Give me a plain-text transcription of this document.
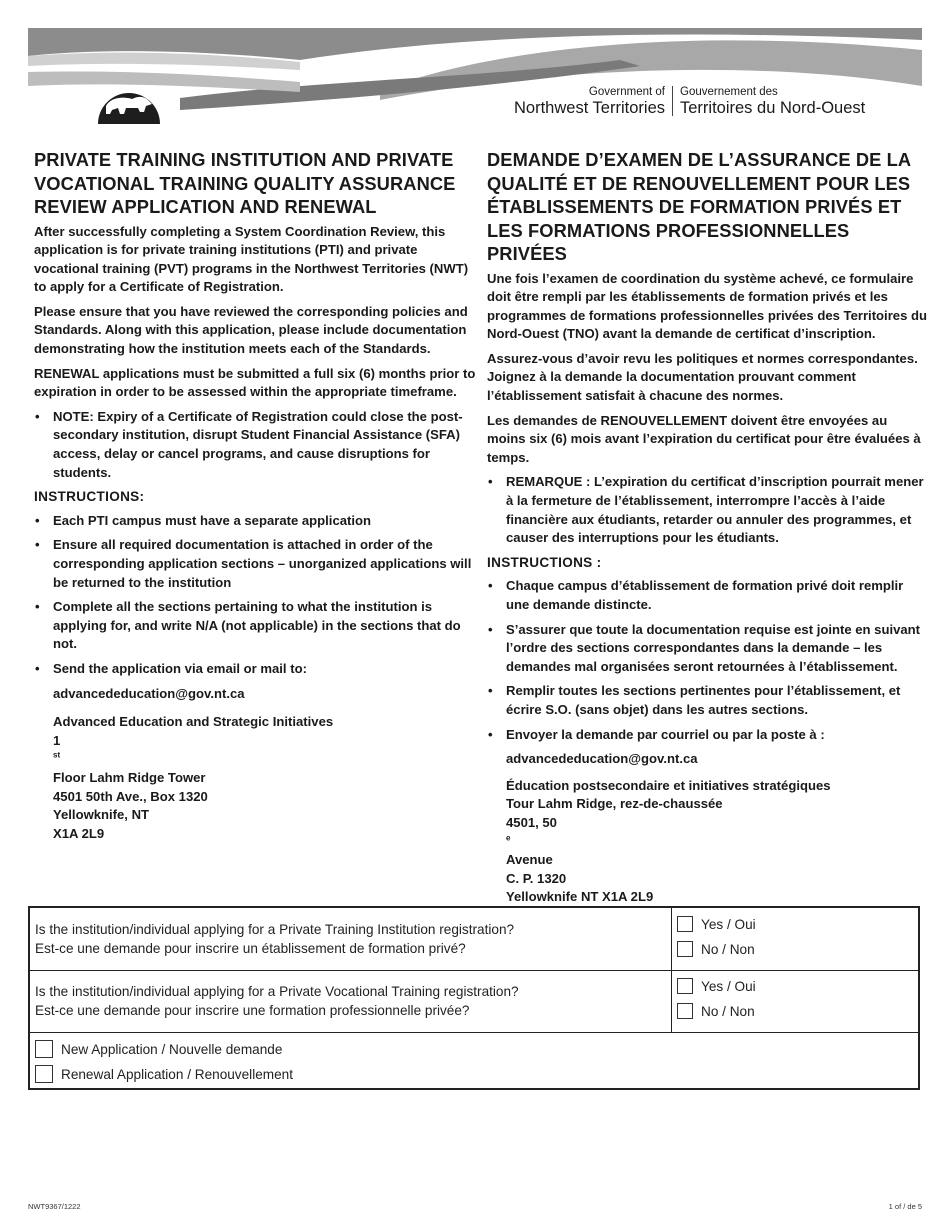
Government of
Northwest Territories
Gouvernement des
Territoires du Nord-Ouest
PRIVATE TRAINING INSTITUTION AND PRIVATE VOCATIONAL TRAINING QUALITY ASSURANCE REVIEW APPLICATION AND RENEWAL

After successfully completing a System Coordination Review, this application is for private training institutions (PTI) and private vocational training (PVT) programs in the Northwest Territories (NWT) to apply for a Certificate of Registration.

Please ensure that you have reviewed the corresponding policies and Standards. Along with this application, please include documentation demonstrating how the institution meets each of the Standards.

RENEWAL applications must be submitted a full six (6) months prior to expiration in order to be assessed within the appropriate timeframe.

• NOTE: Expiry of a Certificate of Registration could close the post-secondary institution, disrupt Student Financial Assistance (SFA) access, delay or cancel programs, and cause disruptions for students.
INSTRUCTIONS:
• Each PTI campus must have a separate application
• Ensure all required documentation is attached in order of the corresponding application sections – unorganized applications will be returned to the institution
• Complete all the sections pertaining to what the institution is applying for, and write N/A (not applicable) in the sections that do not.
• Send the application via email or mail to:
advancededucation@gov.nt.ca
Advanced Education and Strategic Initiatives
1
$^{st}$
Floor Lahm Ridge Tower
4501 50th Ave., Box 1320
Yellowknife, NT
X1A 2L9
DEMANDE D’EXAMEN DE L’ASSURANCE DE LA QUALITÉ ET DE RENOUVELLEMENT POUR LES ÉTABLISSEMENTS DE FORMATION PRIVÉS ET LES FORMATIONS PROFESSIONNELLES PRIVÉES

Une fois l’examen de coordination du système achevé, ce formulaire doit être rempli par les établissements de formation privés et les programmes de formations professionnelles privées des Territoires du Nord-Ouest (TNO) avant la demande de certificat d’inscription.

Assurez-vous d’avoir revu les politiques et normes correspondantes. Joignez à la demande la documentation prouvant comment l’établissement satisfait à chacune des normes.

Les demandes de RENOUVELLEMENT doivent être envoyées au moins six (6) mois avant l’expiration du certificat pour être évaluées à temps.

• REMARQUE : L’expiration du certificat d’inscription pourrait mener à la fermeture de l’établissement, interrompre l’accès à l’aide financière aux étudiants, retarder ou annuler des programmes, et causer des interruptions pour les étudiants.
INSTRUCTIONS :
• Chaque campus d’établissement de formation privé doit remplir une demande distincte.
• S’assurer que toute la documentation requise est jointe en suivant l’ordre des sections correspondantes dans la demande – les demandes mal organisées seront retournées à l’établissement.
• Remplir toutes les sections pertinentes pour l’établissement, et écrire S.O. (sans objet) dans les autres sections.
• Envoyer la demande par courriel ou par la poste à :
advancededucation@gov.nt.ca
Éducation postsecondaire et initiatives stratégiques
Tour Lahm Ridge, rez-de-chaussée
4501, 50
$^e$
Avenue
C. P. 1320
Yellowknife NT X1A 2L9
Is the institution/individual applying for a Private Training Institution registration?
Est-ce une demande pour inscrire un établissement de formation privé?
Yes / Oui
No / Non
Is the institution/individual applying for a Private Vocational Training registration?
Est-ce une demande pour inscrire une formation professionnelle privée?
Yes / Oui
No / Non
New Application / Nouvelle demande
Renewal Application / Renouvellement
NWT9367/1222	1 of / de 5
